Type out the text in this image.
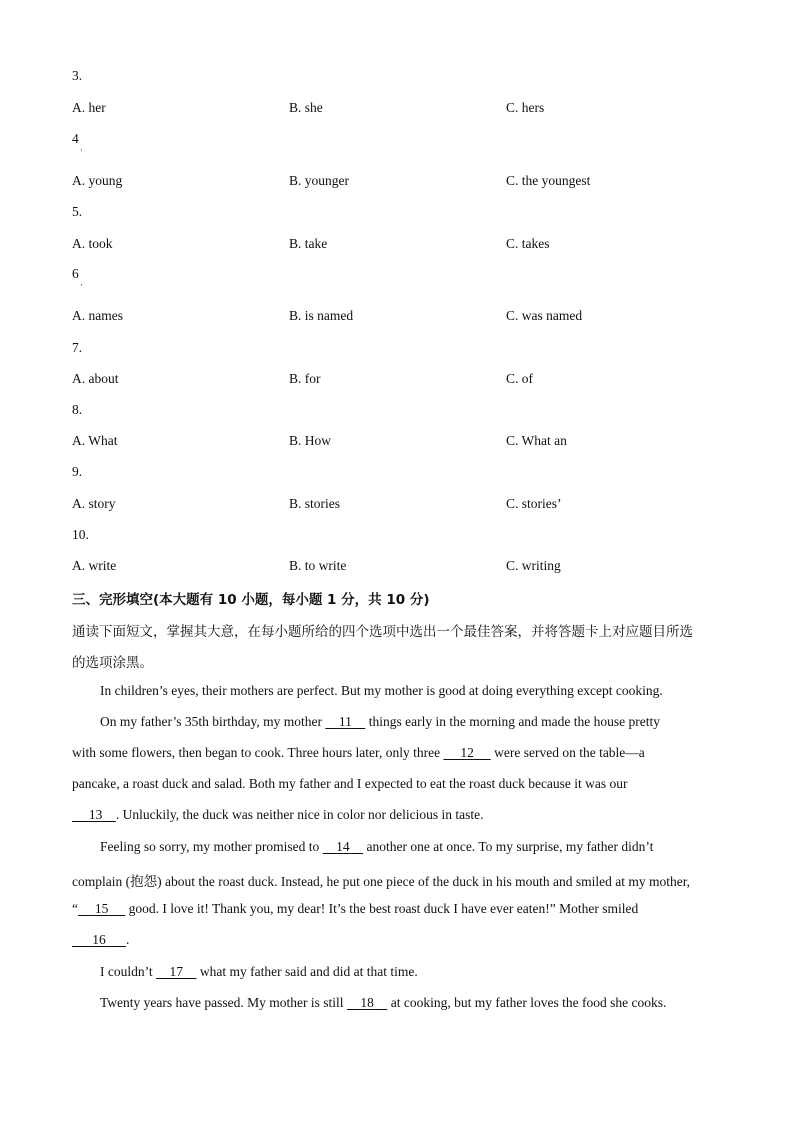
3.
A. her	B. she	C. hers
4
·
A. young	B. younger	C. the youngest
5.
A. took	B. take	C. takes
6
·
A. names	B. is named	C. was named
7.
A. about	B. for	C. of
8.
A. What	B. How	C. What an
9.
A. story	B. stories	C. stories’
10.
A. write	B. to write	C. writing
三、完形填空(本大题有 10 小题，每小题 1 分，共 10 分)
通读下面短文，掌握其大意，在每小题所给的四个选项中选出一个最佳答案，并将答题卡上对应题目所选
的选项涂黑。
In children’s eyes, their mothers are perfect. But my mother is good at doing everything except cooking.
On my father’s 35th birthday, my mother     11     things early in the morning and made the house pretty
with some flowers, then began to cook. Three hours later, only three      12      were served on the table—a
pancake, a roast duck and salad. Both my father and I expected to eat the roast duck because it was our
13 . Unluckily, the duck was neither nice in color nor delicious in taste.
Feeling so sorry, my mother promised to     14     another one at once. To my surprise, my father didn’t
complain (抱怨) about the roast duck. Instead, he put one piece of the duck in his mouth and smiled at my mother,
“ 15      good. I love it! Thank you, my dear! It’s the best roast duck I have ever eaten!” Mother smiled
16 .
I couldn’t     17     what my father said and did at that time.
Twenty years have passed. My mother is still     18     at cooking, but my father loves the food she cooks.
